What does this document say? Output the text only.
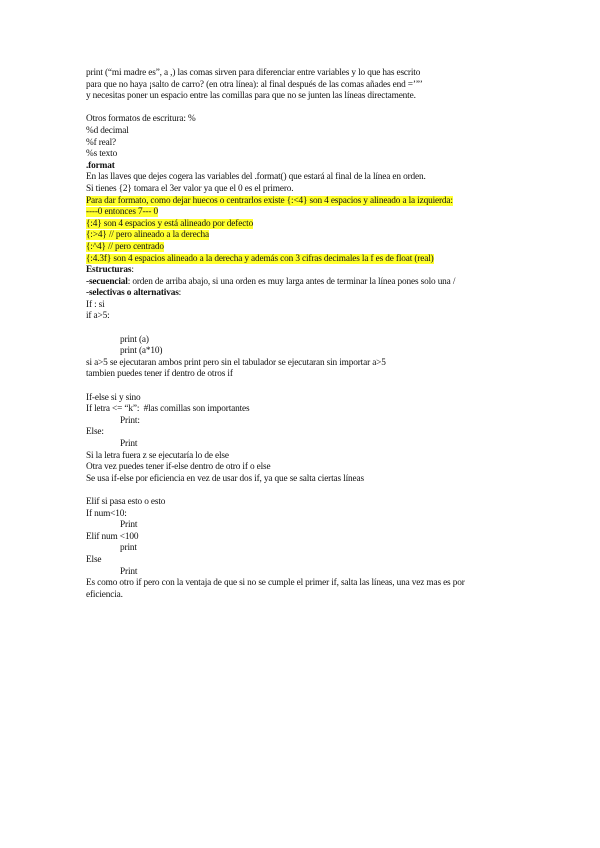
print (“mi madre es”, a ,) las comas sirven para diferenciar entre variables y lo que has escrito
para que no haya ¡salto de carro? (en otra línea): al final después de las comas añades end =’”’
y necesitas poner un espacio entre las comillas para que no se junten las líneas directamente.
Otros formatos de escritura: %
%d decimal
%f real?
%s texto
.format
En las llaves que dejes cogera las variables del .format() que estará al final de la línea en orden.
Si tienes {2} tomara el 3er valor ya que el 0 es el primero.
Para dar formato, como dejar huecos o centrarlos existe {:<4} son 4 espacios y alineado a la izquierda:
----0 entonces 7--- 0
{:4} son 4 espacios y está alineado por defecto
{:>4} // pero alineado a la derecha
{:^4} // pero centrado
{:4.3f} son 4 espacios alineado a la derecha y además con 3 cifras decimales la f es de float (real)
Estructuras:
-secuencial: orden de arriba abajo, si una orden es muy larga antes de terminar la línea pones solo una /
-selectivas o alternativas:
If : si
if a>5:
print (a)
print (a*10)
si a>5 se ejecutaran ambos print pero sin el tabulador se ejecutaran sin importar a>5
tambien puedes tener if dentro de otros if
If-else si y sino
If letra <= “k”:  #las comillas son importantes
Print:
Else:
Print
Si la letra fuera z se ejecutaría lo de else
Otra vez puedes tener if-else dentro de otro if o else
Se usa if-else por eficiencia en vez de usar dos if, ya que se salta ciertas líneas
Elif si pasa esto o esto
If num<10:
Print
Elif num <100
print
Else
Print
Es como otro if pero con la ventaja de que si no se cumple el primer if, salta las líneas, una vez mas es por
eficiencia.
